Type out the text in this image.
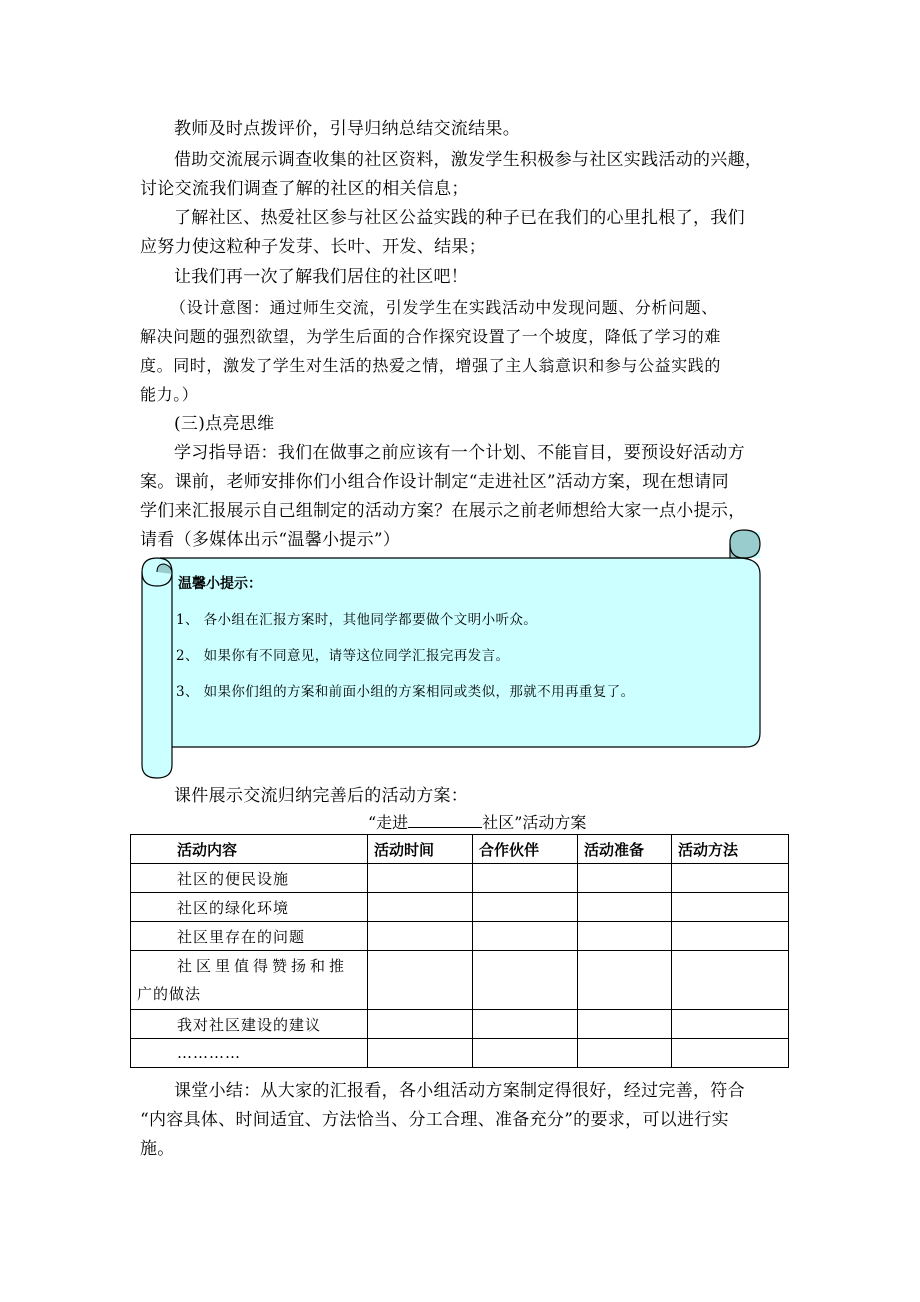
教师及时点拨评价，引导归纳总结交流结果。
借助交流展示调查收集的社区资料，激发学生积极参与社区实践活动的兴趣，
讨论交流我们调查了解的社区的相关信息；
了解社区、热爱社区参与社区公益实践的种子已在我们的心里扎根了，我们
应努力使这粒种子发芽、长叶、开发、结果；
让我们再一次了解我们居住的社区吧！
（设计意图：通过师生交流，引发学生在实践活动中发现问题、分析问题、
解决问题的强烈欲望，为学生后面的合作探究设置了一个坡度，降低了学习的难
度。同时，激发了学生对生活的热爱之情，增强了主人翁意识和参与公益实践的
能力。）
(三)点亮思维
学习指导语：我们在做事之前应该有一个计划、不能盲目，要预设好活动方
案。课前，老师安排你们小组合作设计制定“走进社区”活动方案，现在想请同
学们来汇报展示自己组制定的活动方案？在展示之前老师想给大家一点小提示，
请看（多媒体出示“温馨小提示”）
温馨小提示：
1、 各小组在汇报方案时，其他同学都要做个文明小听众。
2、 如果你有不同意见，请等这位同学汇报完再发言。
3、 如果你们组的方案和前面小组的方案相同或类似，那就不用再重复了。
课件展示交流归纳完善后的活动方案：
“走进	社区”活动方案
活动内容	活动时间	合作伙伴	活动准备	活动方法
社区的便民设施				
社区的绿化环境				
社区里存在的问题				

社区里值得赞扬和推
广的做法				

我对社区建设的建议				
…………				
课堂小结：从大家的汇报看，各小组活动方案制定得很好，经过完善，符合
“内容具体、时间适宜、方法恰当、分工合理、准备充分”的要求，可以进行实
施。
